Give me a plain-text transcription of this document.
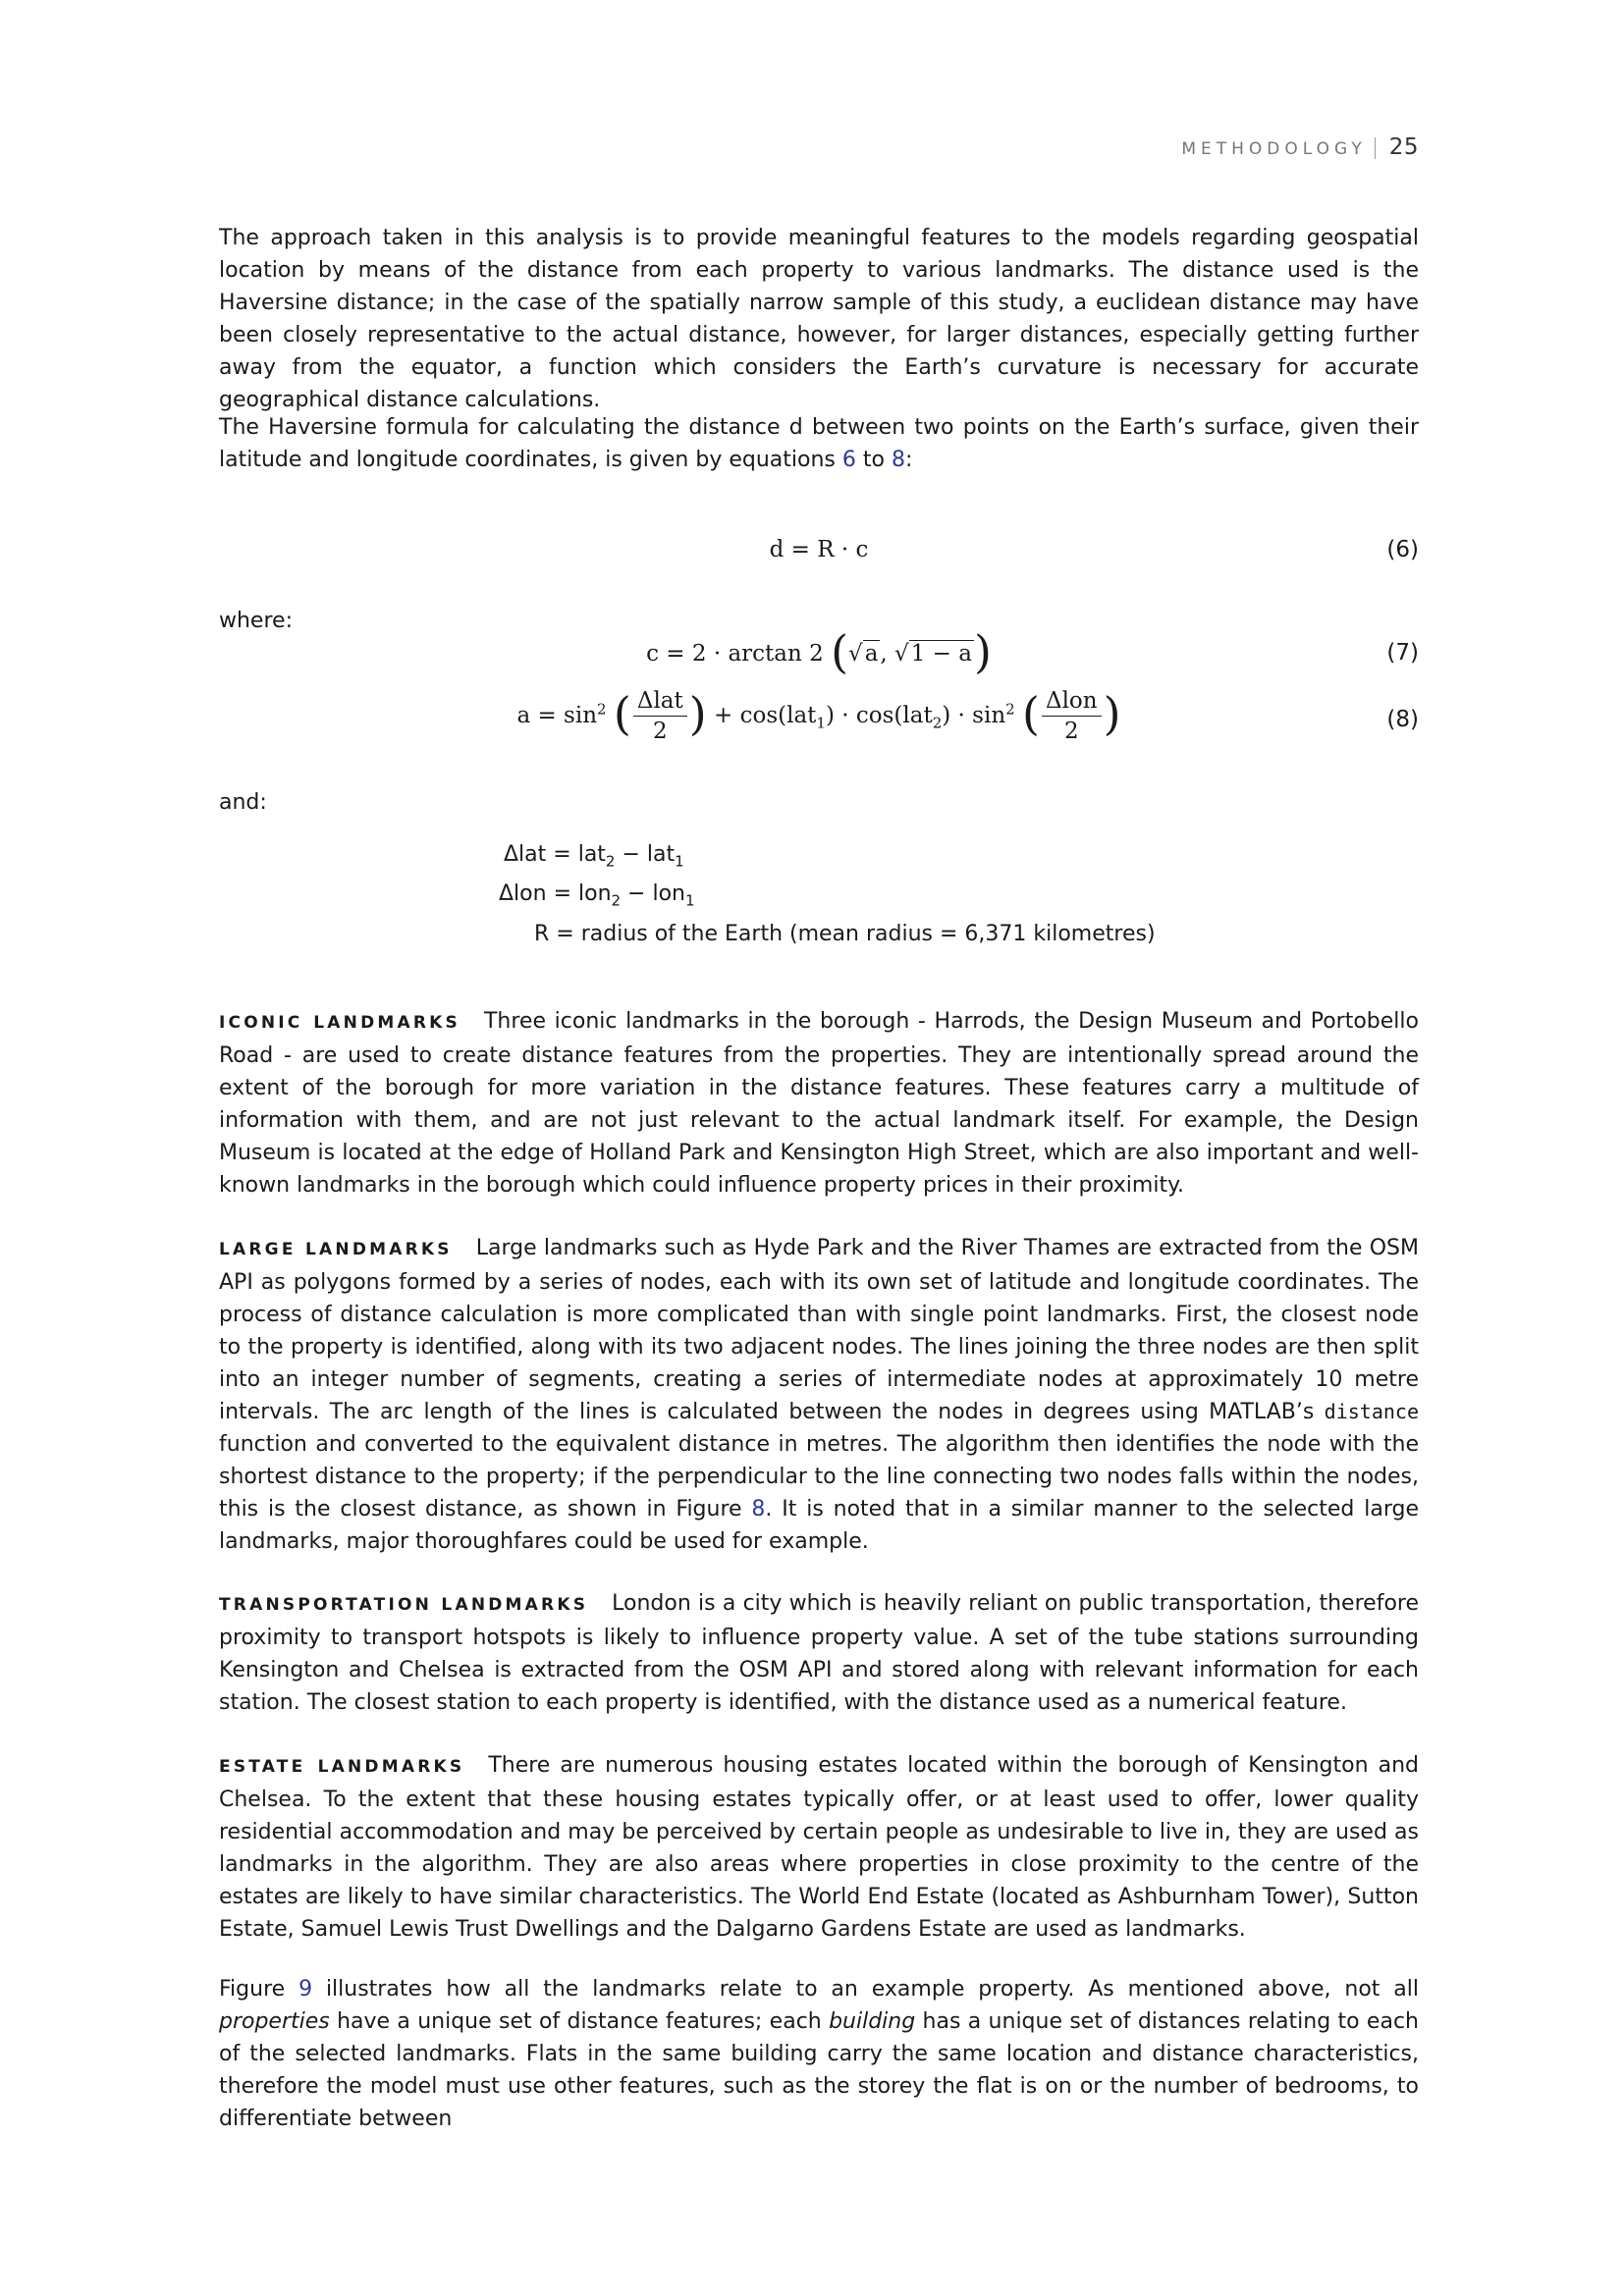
METHODOLOGY 25

The approach taken in this analysis is to provide meaningful features to the models regarding geospatial location by means of the distance from each property to various landmarks. The distance used is the Haversine distance; in the case of the spatially narrow sample of this study, a euclidean distance may have been closely representative to the actual distance, however, for larger distances, especially getting further away from the equator, a function which considers the Earth’s curvature is necessary for accurate geographical distance calculations.

The Haversine formula for calculating the distance d between two points on the Earth’s surface, given their latitude and longitude coordinates, is given by equations 6 to 8:

d = R · c	(6)
where:
c = 2 · arctan 2 (√a, √1 − a)	(7)
$a = \sin^2$ ( $\frac{\text{Δlat}}{2}$ ) + $\cos(lat_1) \cdot \cos(lat_2) \cdot \sin^2$ ( $\frac{\text{Δlon}}{2}$ )	(8)
and:
Δlat = lat$_2$ − lat$_1$
Δlon = lon$_2$ − lon$_1$
R = radius of the Earth (mean radius = 6,371 kilometres)

ICONIC LANDMARKS Three iconic landmarks in the borough - Harrods, the Design Museum and Portobello Road - are used to create distance features from the properties. They are intentionally spread around the extent of the borough for more variation in the distance features. These features carry a multitude of information with them, and are not just relevant to the actual landmark itself. For example, the Design Museum is located at the edge of Holland Park and Kensington High Street, which are also important and well-known landmarks in the borough which could influence property prices in their proximity.

LARGE LANDMARKS Large landmarks such as Hyde Park and the River Thames are extracted from the OSM API as polygons formed by a series of nodes, each with its own set of latitude and longitude coordinates. The process of distance calculation is more complicated than with single point landmarks. First, the closest node to the property is identified, along with its two adjacent nodes. The lines joining the three nodes are then split into an integer number of segments, creating a series of intermediate nodes at approximately 10 metre intervals. The arc length of the lines is calculated between the nodes in degrees using MATLAB’s distance function and converted to the equivalent distance in metres. The algorithm then identifies the node with the shortest distance to the property; if the perpendicular to the line connecting two nodes falls within the nodes, this is the closest distance, as shown in Figure 8. It is noted that in a similar manner to the selected large landmarks, major thoroughfares could be used for example.

TRANSPORTATION LANDMARKS London is a city which is heavily reliant on public transportation, therefore proximity to transport hotspots is likely to influence property value. A set of the tube stations surrounding Kensington and Chelsea is extracted from the OSM API and stored along with relevant information for each station. The closest station to each property is identified, with the distance used as a numerical feature.

ESTATE LANDMARKS There are numerous housing estates located within the borough of Kensington and Chelsea. To the extent that these housing estates typically offer, or at least used to offer, lower quality residential accommodation and may be perceived by certain people as undesirable to live in, they are used as landmarks in the algorithm. They are also areas where properties in close proximity to the centre of the estates are likely to have similar characteristics. The World End Estate (located as Ashburnham Tower), Sutton Estate, Samuel Lewis Trust Dwellings and the Dalgarno Gardens Estate are used as landmarks.

Figure 9 illustrates how all the landmarks relate to an example property. As mentioned above, not all properties have a unique set of distance features; each building has a unique set of distances relating to each of the selected landmarks. Flats in the same building carry the same location and distance characteristics, therefore the model must use other features, such as the storey the flat is on or the number of bedrooms, to differentiate between
